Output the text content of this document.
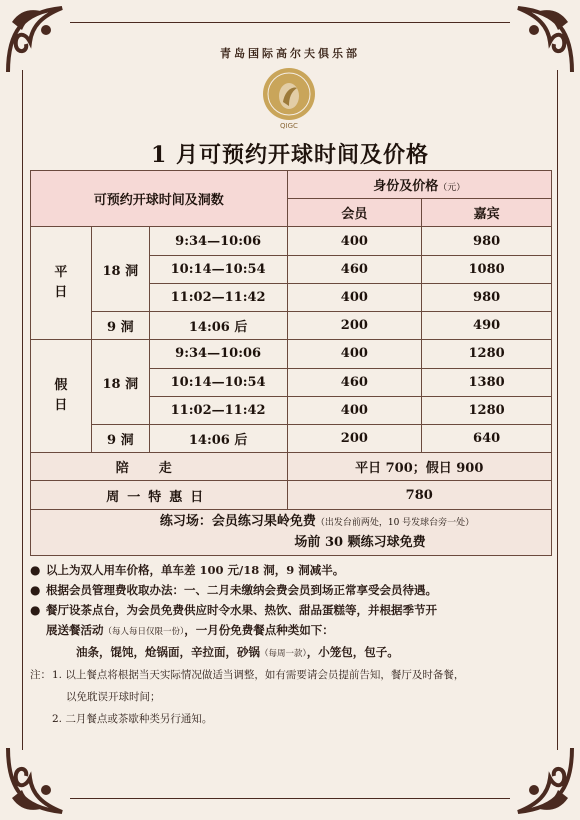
青岛国际高尔夫俱乐部
QIGC
1 月可预约开球时间及价格
可预约开球时间及洞数			身份及价格（元）	
			会员	嘉宾

平
日	18 洞	9:34—10:06	400	980
		10:14—10:54	460	1080
		11:02—11:42	400	980
	9 洞	14:06 后	200	490

假
日	18 洞	9:34—10:06	400	1280
		10:14—10:54	460	1380
		11:02—11:42	400	1280
	9 洞	14:06 后	200	640
陪走			平日 700；假日 900	
周一特惠日			780	

练习场：会员练习果岭免费（出发台前两处，10 号发球台旁一处）
场前 30 颗练习球免费				
● 以上为双人用车价格，单车差 100 元/18 洞，9 洞减半。
● 根据会员管理费收取办法：一、二月未缴纳会费会员到场正常享受会员待遇。
● 餐厅设茶点台，为会员免费供应时令水果、热饮、甜品蛋糕等，并根据季节开
展送餐活动（每人每日仅限一份），一月份免费餐点种类如下：
油条，馄饨，炝锅面，辛拉面，砂锅（每周一款），小笼包，包子。
注： 1. 以上餐点将根据当天实际情况做适当调整，如有需要请会员提前告知，餐厅及时备餐，
以免耽误开球时间；
2. 二月餐点或茶歇种类另行通知。
